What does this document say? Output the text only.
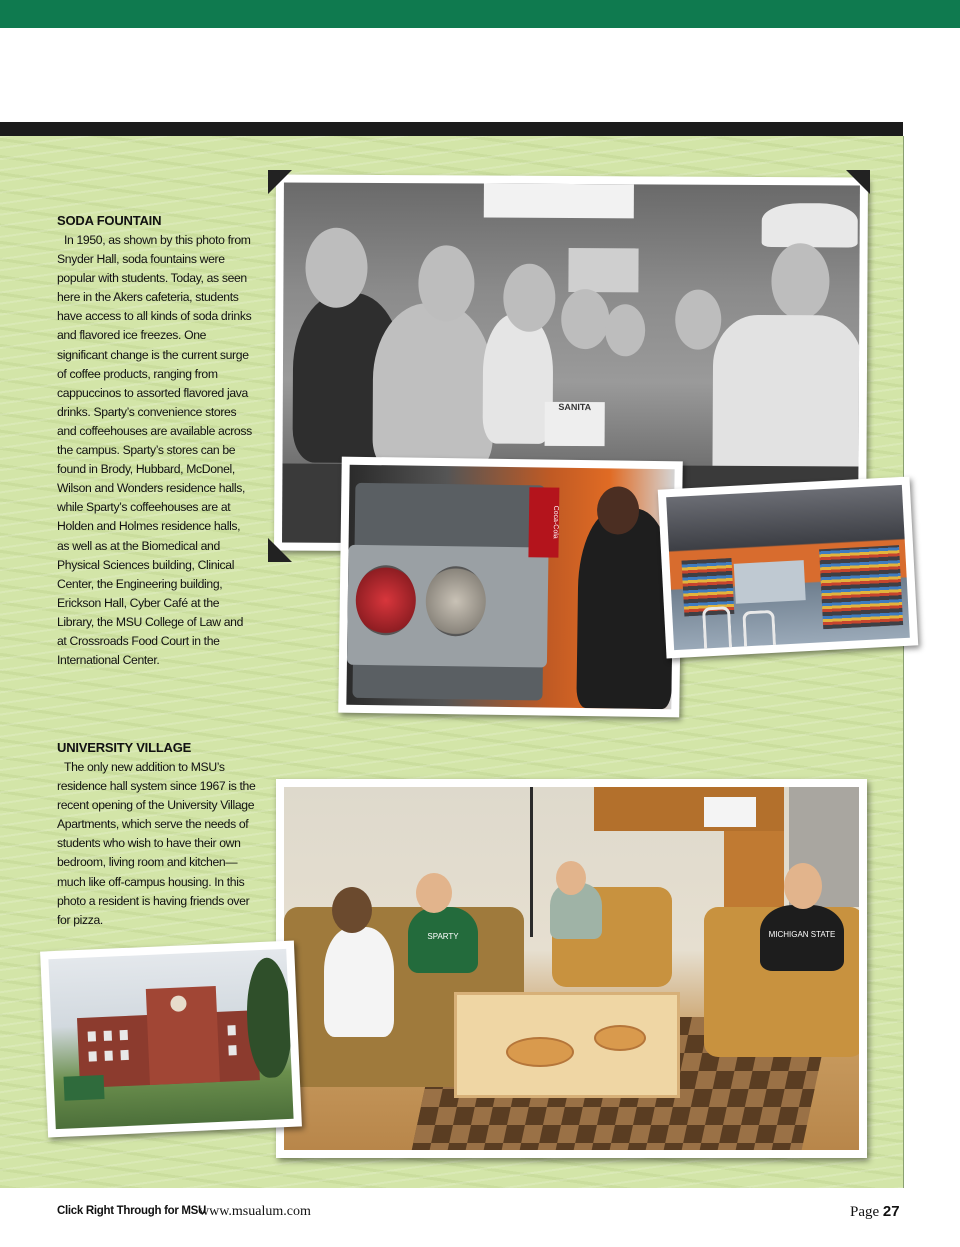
SANITA
Coca-Cola

SODA FOUNTAIN

In 1950, as shown by this photo from Snyder Hall, soda fountains were popular with students. Today, as seen here in the Akers cafeteria, students have access to all kinds of soda drinks and flavored ice freezes. One significant change is the current surge of coffee products, ranging from cappuccinos to assorted flavored java drinks. Sparty’s convenience stores and coffeehouses are available across the campus. Sparty’s stores can be found in Brody, Hubbard, McDonel, Wilson and Wonders residence halls, while Sparty’s coffeehouses are at Holden and Holmes residence halls, as well as at the Biomedical and Physical Sciences building, Clinical Center, the Engineering building, Erickson Hall, Cyber Café at the Library, the MSU College of Law and at Crossroads Food Court in the International Center.

UNIVERSITY VILLAGE

The only new addition to MSU’s residence hall system since 1967 is the recent opening of the University Village Apartments, which serve the needs of students who wish to have their own bedroom, living room and kitchen—much like off-campus housing. In this photo a resident is having friends over for pizza.

SPARTY	MICHIGAN STATE
Click Right Through for MSU
www.msualum.com	Page 27
